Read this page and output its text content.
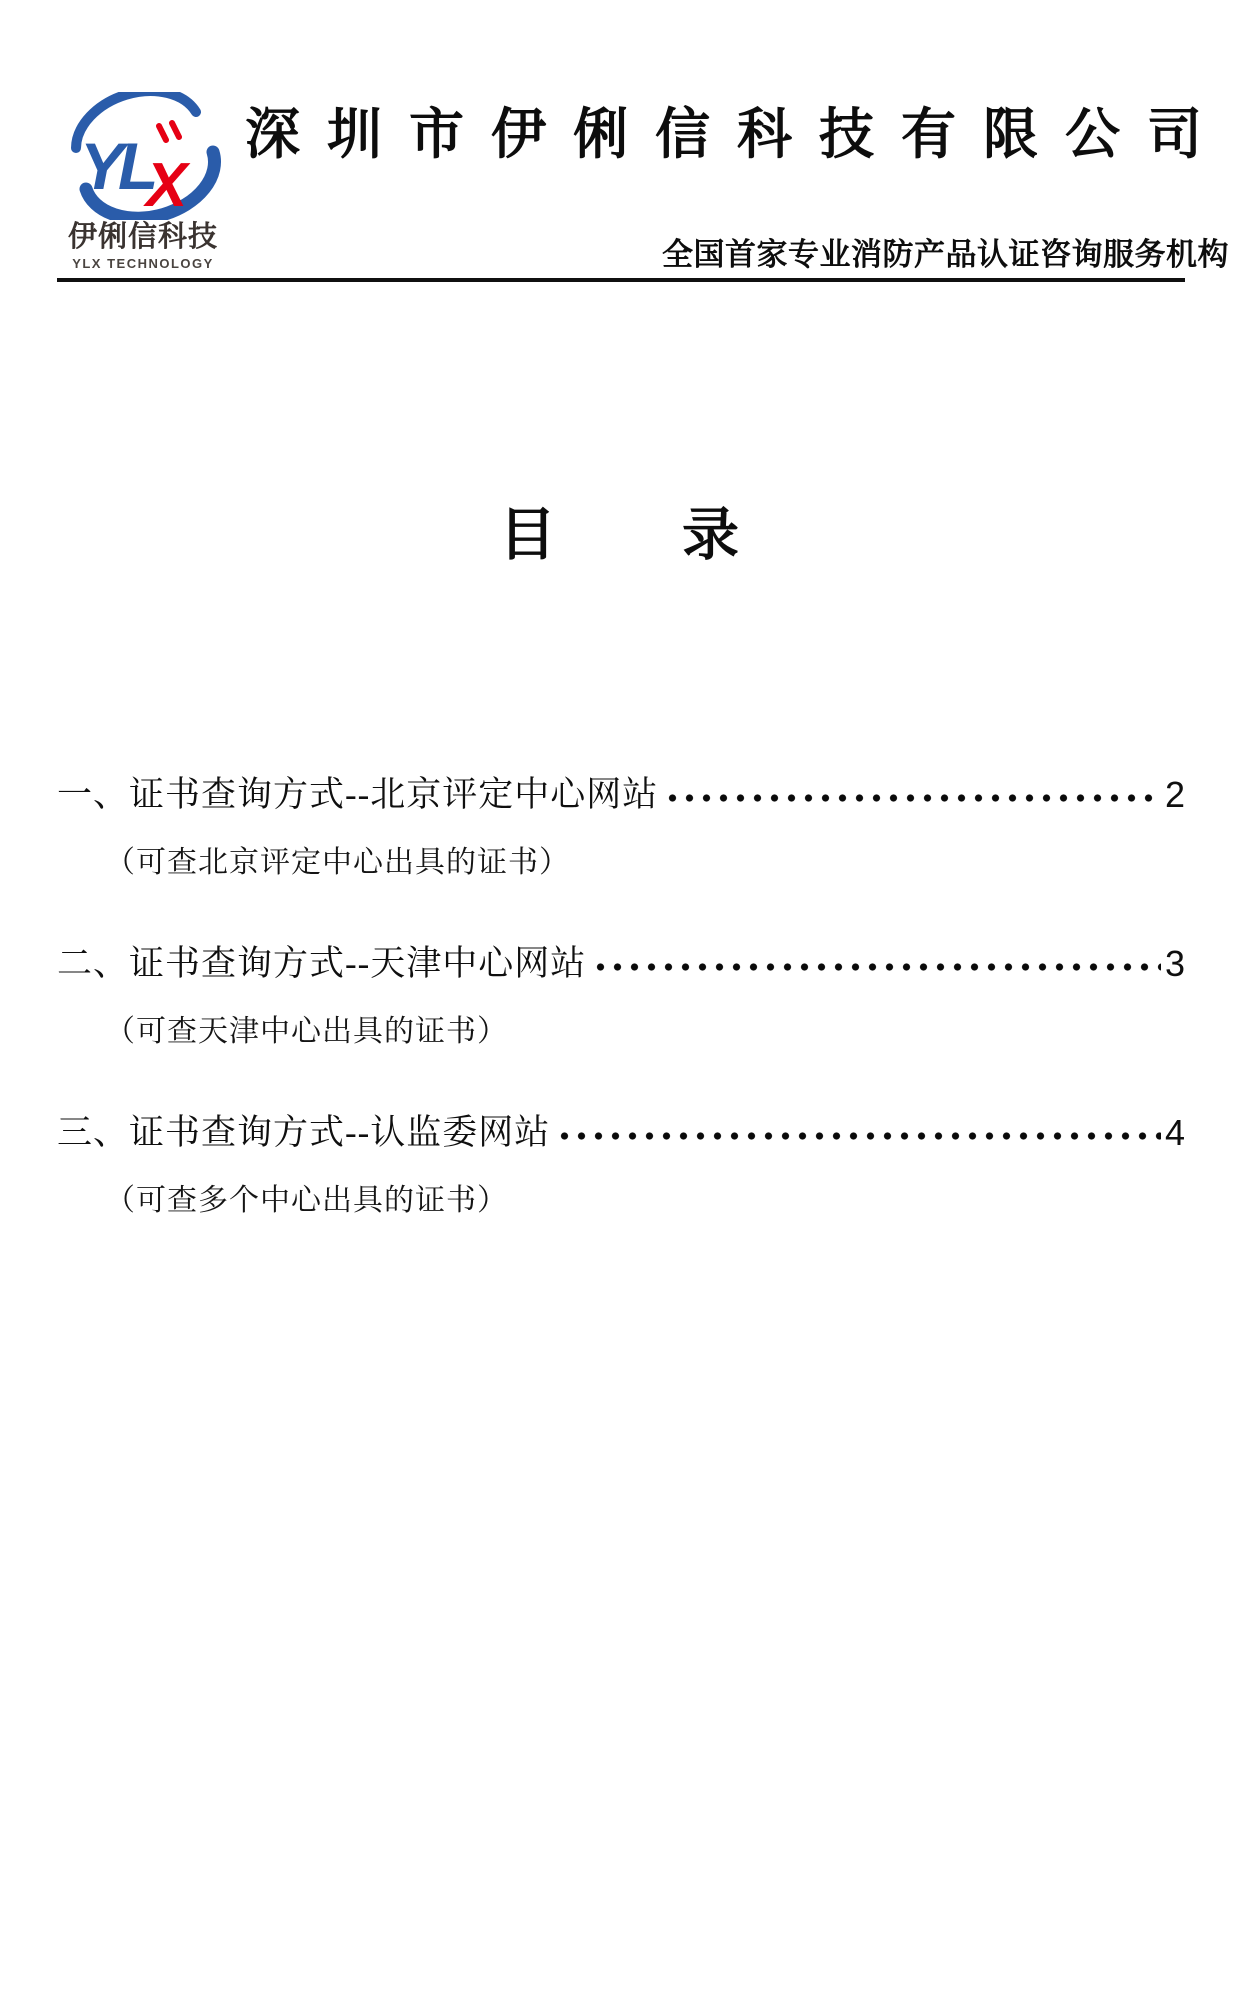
YL
X
伊俐信科技
YLX TECHNOLOGY
深圳市伊俐信科技有限公司
全国首家专业消防产品认证咨询服务机构
目　　录
一、证书查询方式--北京评定中心网站	2
（可查北京评定中心出具的证书）
二、证书查询方式--天津中心网站	3
（可查天津中心出具的证书）
三、证书查询方式--认监委网站	4
（可查多个中心出具的证书）
